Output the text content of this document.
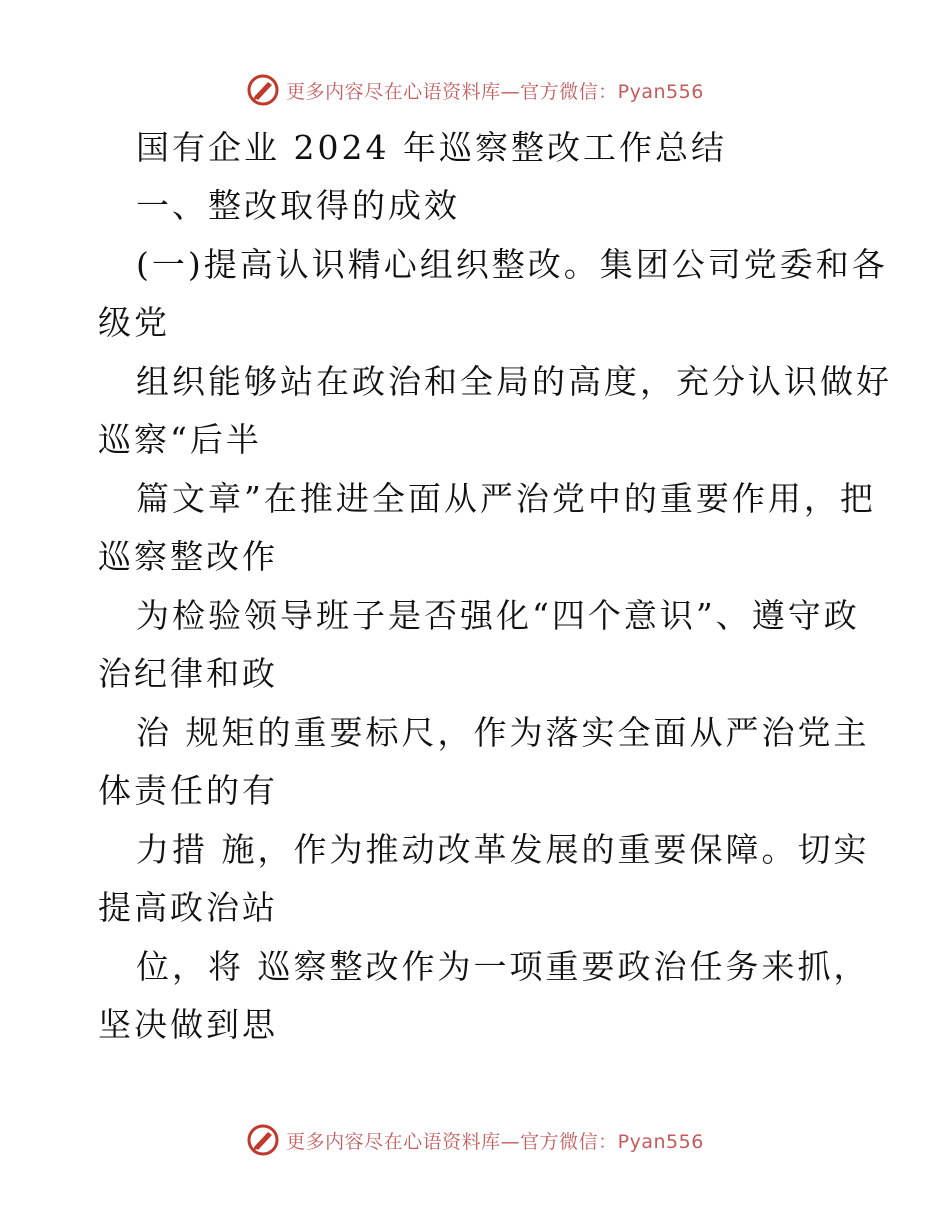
更多内容尽在心语资料库—官方微信：Pyan556
国有企业 2024 年巡察整改工作总结
一、整改取得的成效
(一)提高认识精心组织整改。集团公司党委和各
级党
组织能够站在政治和全局的高度，充分认识做好
巡察“后半
篇文章”在推进全面从严治党中的重要作用，把
巡察整改作
为检验领导班子是否强化“四个意识”、遵守政
治纪律和政
治 规矩的重要标尺，作为落实全面从严治党主
体责任的有
力措 施，作为推动改革发展的重要保障。切实
提高政治站
位，将 巡察整改作为一项重要政治任务来抓，
坚决做到思
更多内容尽在心语资料库—官方微信：Pyan556
